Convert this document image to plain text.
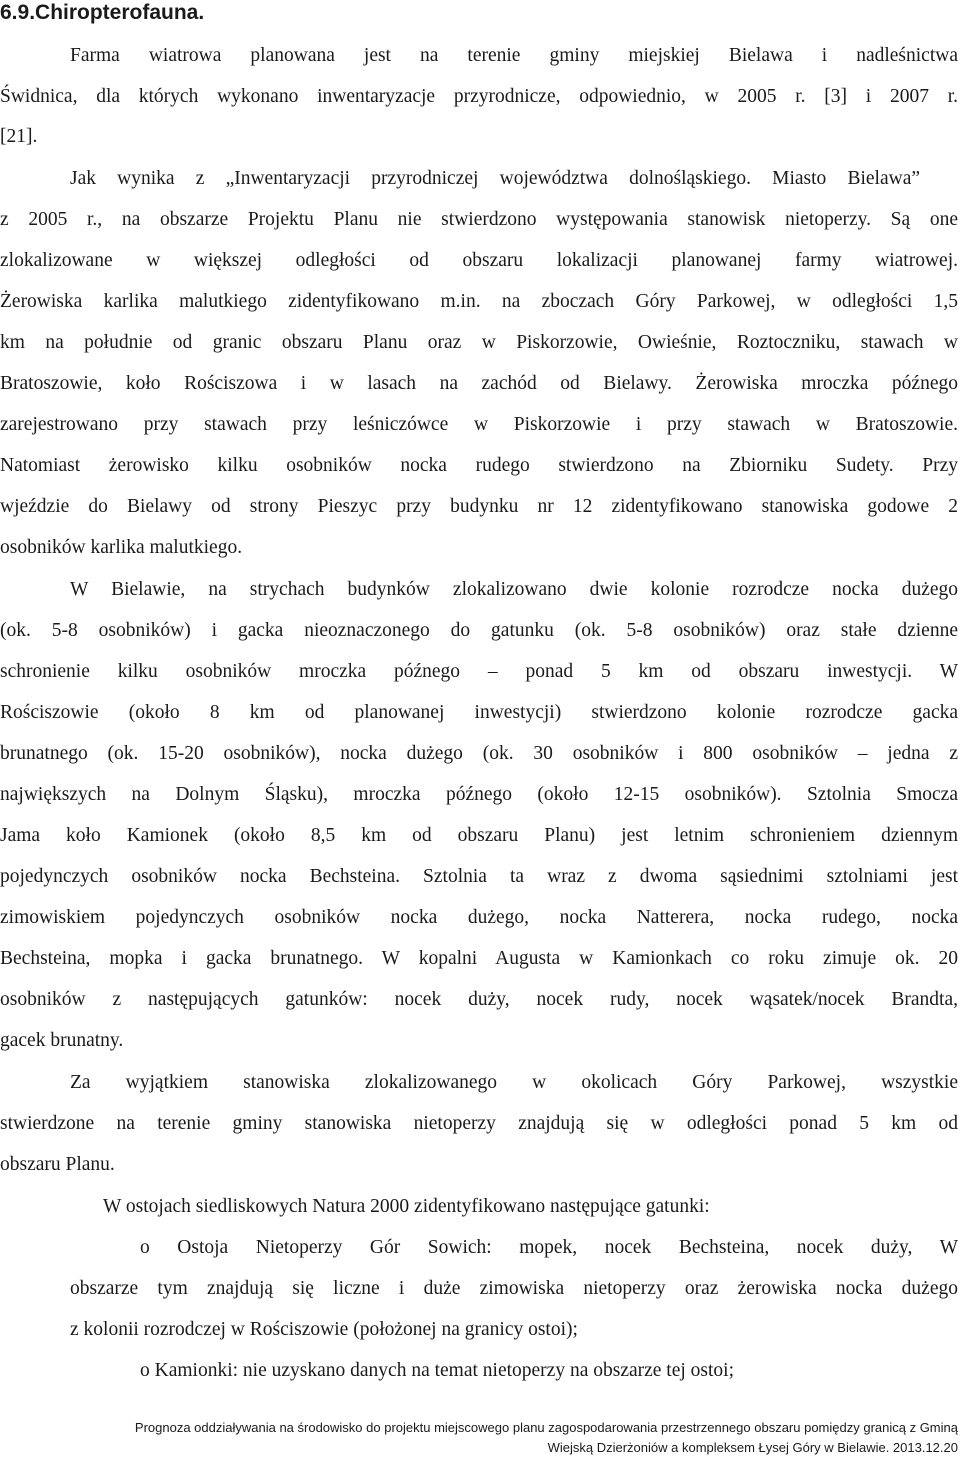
6.9.Chiropterofauna.
Farma wiatrowa planowana jest na terenie gminy miejskiej Bielawa i nadleśnictwa
Świdnica, dla których wykonano inwentaryzacje przyrodnicze, odpowiednio, w 2005 r. [3] i 2007 r.
[21].
Jak wynika z „Inwentaryzacji przyrodniczej województwa dolnośląskiego. Miasto Bielawa”
z 2005 r., na obszarze Projektu Planu nie stwierdzono występowania stanowisk nietoperzy. Są one
zlokalizowane w większej odległości od obszaru lokalizacji planowanej farmy wiatrowej.
Żerowiska karlika malutkiego zidentyfikowano m.in. na zboczach Góry Parkowej, w odległości 1,5
km na południe od granic obszaru Planu oraz w Piskorzowie, Owieśnie, Roztoczniku, stawach w
Bratoszowie, koło Rościszowa i w lasach na zachód od Bielawy. Żerowiska mroczka późnego
zarejestrowano przy stawach przy leśniczówce w Piskorzowie i przy stawach w Bratoszowie.
Natomiast żerowisko kilku osobników nocka rudego stwierdzono na Zbiorniku Sudety. Przy
wjeździe do Bielawy od strony Pieszyc przy budynku nr 12 zidentyfikowano stanowiska godowe 2
osobników karlika malutkiego.
W Bielawie, na strychach budynków zlokalizowano dwie kolonie rozrodcze nocka dużego
(ok. 5-8 osobników) i gacka nieoznaczonego do gatunku (ok. 5-8 osobników) oraz stałe dzienne
schronienie kilku osobników mroczka późnego – ponad 5 km od obszaru inwestycji. W
Rościszowie (około 8 km od planowanej inwestycji) stwierdzono kolonie rozrodcze gacka
brunatnego (ok. 15-20 osobników), nocka dużego (ok. 30 osobników i 800 osobników – jedna z
największych na Dolnym Śląsku), mroczka późnego (około 12-15 osobników). Sztolnia Smocza
Jama koło Kamionek (około 8,5 km od obszaru Planu) jest letnim schronieniem dziennym
pojedynczych osobników nocka Bechsteina. Sztolnia ta wraz z dwoma sąsiednimi sztolniami jest
zimowiskiem pojedynczych osobników nocka dużego, nocka Natterera, nocka rudego, nocka
Bechsteina, mopka i gacka brunatnego. W kopalni Augusta w Kamionkach co roku zimuje ok. 20
osobników z następujących gatunków: nocek duży, nocek rudy, nocek wąsatek/nocek Brandta,
gacek brunatny.
Za wyjątkiem stanowiska zlokalizowanego w okolicach Góry Parkowej, wszystkie
stwierdzone na terenie gminy stanowiska nietoperzy znajdują się w odległości ponad 5 km od
obszaru Planu.
W ostojach siedliskowych Natura 2000 zidentyfikowano następujące gatunki:
o Ostoja Nietoperzy Gór Sowich: mopek, nocek Bechsteina, nocek duży, W
obszarze tym znajdują się liczne i duże zimowiska nietoperzy oraz żerowiska nocka dużego
z kolonii rozrodczej w Rościszowie (położonej na granicy ostoi);
o Kamionki: nie uzyskano danych na temat nietoperzy na obszarze tej ostoi;
Prognoza oddziaływania na środowisko do projektu miejscowego planu zagospodarowania przestrzennego obszaru pomiędzy granicą z Gminą
Wiejską Dzierżoniów a kompleksem Łysej Góry w Bielawie. 2013.12.20
